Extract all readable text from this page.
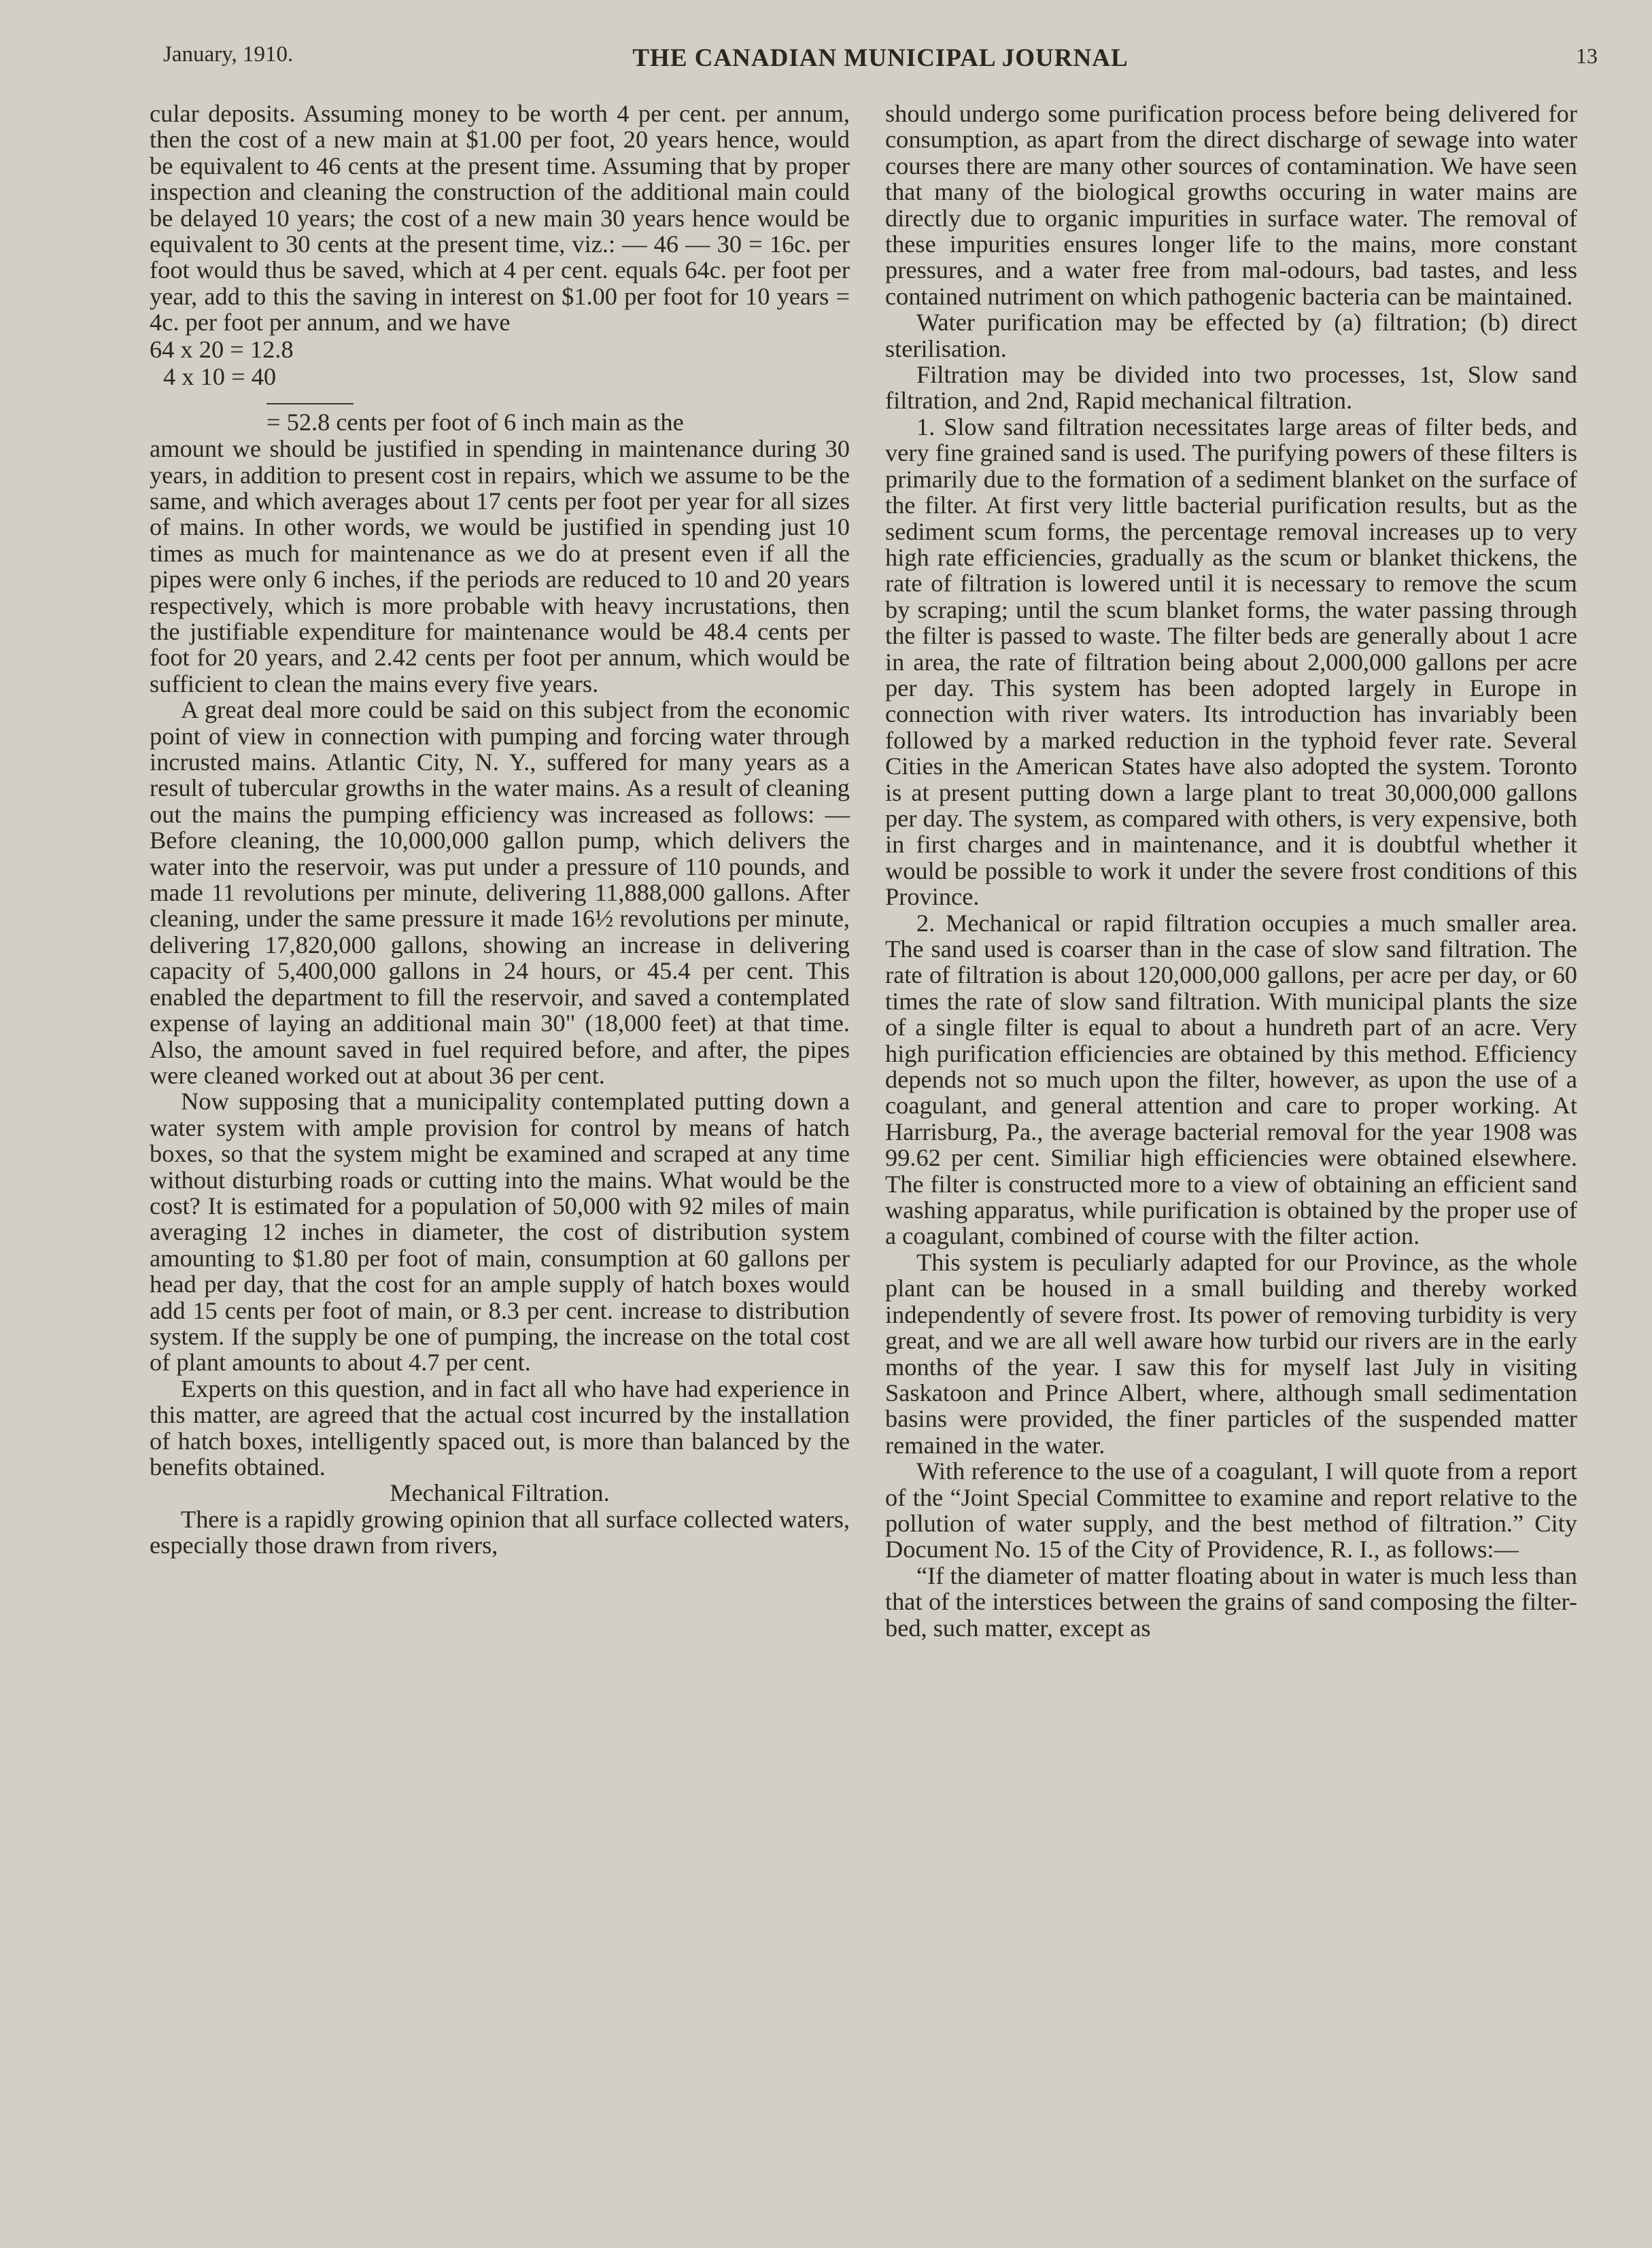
January, 1910.	THE CANADIAN MUNICIPAL JOURNAL	13

cular deposits. Assuming money to be worth 4 per cent. per annum, then the cost of a new main at $1.00 per foot, 20 years hence, would be equivalent to 46 cents at the present time. Assuming that by proper inspection and cleaning the construction of the additional main could be delayed 10 years; the cost of a new main 30 years hence would be equivalent to 30 cents at the present time, viz.: — 46 — 30 = 16c. per foot would thus be saved, which at 4 per cent. equals 64c. per foot per year, add to this the saving in interest on $1.00 per foot for 10 years = 4c. per foot per annum, and we have

64 x 20 = 12.8
4 x 10 = 40
= 52.8 cents per foot of 6 inch main as the

amount we should be justified in spending in maintenance during 30 years, in addition to present cost in repairs, which we assume to be the same, and which averages about 17 cents per foot per year for all sizes of mains. In other words, we would be justified in spending just 10 times as much for maintenance as we do at present even if all the pipes were only 6 inches, if the periods are reduced to 10 and 20 years respectively, which is more probable with heavy incrustations, then the justifiable expenditure for maintenance would be 48.4 cents per foot for 20 years, and 2.42 cents per foot per annum, which would be sufficient to clean the mains every five years.

A great deal more could be said on this subject from the economic point of view in connection with pumping and forcing water through incrusted mains. Atlantic City, N. Y., suffered for many years as a result of tubercular growths in the water mains. As a result of cleaning out the mains the pumping efficiency was increased as follows: — Before cleaning, the 10,000,000 gallon pump, which delivers the water into the reservoir, was put under a pressure of 110 pounds, and made 11 revolutions per minute, delivering 11,888,000 gallons. After cleaning, under the same pressure it made 16½ revolutions per minute, delivering 17,820,000 gallons, showing an increase in delivering capacity of 5,400,000 gallons in 24 hours, or 45.4 per cent. This enabled the department to fill the reservoir, and saved a contemplated expense of laying an additional main 30" (18,000 feet) at that time. Also, the amount saved in fuel required before, and after, the pipes were cleaned worked out at about 36 per cent.

Now supposing that a municipality contemplated putting down a water system with ample provision for control by means of hatch boxes, so that the system might be examined and scraped at any time without disturbing roads or cutting into the mains. What would be the cost? It is estimated for a population of 50,000 with 92 miles of main averaging 12 inches in diameter, the cost of distribution system amounting to $1.80 per foot of main, consumption at 60 gallons per head per day, that the cost for an ample supply of hatch boxes would add 15 cents per foot of main, or 8.3 per cent. increase to distribution system. If the supply be one of pumping, the increase on the total cost of plant amounts to about 4.7 per cent.

Experts on this question, and in fact all who have had experience in this matter, are agreed that the actual cost incurred by the installation of hatch boxes, intelligently spaced out, is more than balanced by the benefits obtained.

Mechanical Filtration.

There is a rapidly growing opinion that all surface collected waters, especially those drawn from rivers,

should undergo some purification process before being delivered for consumption, as apart from the direct discharge of sewage into water courses there are many other sources of contamination. We have seen that many of the biological growths occuring in water mains are directly due to organic impurities in surface water. The removal of these impurities ensures longer life to the mains, more constant pressures, and a water free from mal-odours, bad tastes, and less contained nutriment on which pathogenic bacteria can be maintained.

Water purification may be effected by (a) filtration; (b) direct sterilisation.

Filtration may be divided into two processes, 1st, Slow sand filtration, and 2nd, Rapid mechanical filtration.

1. Slow sand filtration necessitates large areas of filter beds, and very fine grained sand is used. The purifying powers of these filters is primarily due to the formation of a sediment blanket on the surface of the filter. At first very little bacterial purification results, but as the sediment scum forms, the percentage removal increases up to very high rate efficiencies, gradually as the scum or blanket thickens, the rate of filtration is lowered until it is necessary to remove the scum by scraping; until the scum blanket forms, the water passing through the filter is passed to waste. The filter beds are generally about 1 acre in area, the rate of filtration being about 2,000,000 gallons per acre per day. This system has been adopted largely in Europe in connection with river waters. Its introduction has invariably been followed by a marked reduction in the typhoid fever rate. Several Cities in the American States have also adopted the system. Toronto is at present putting down a large plant to treat 30,000,000 gallons per day. The system, as compared with others, is very expensive, both in first charges and in maintenance, and it is doubtful whether it would be possible to work it under the severe frost conditions of this Province.

2. Mechanical or rapid filtration occupies a much smaller area. The sand used is coarser than in the case of slow sand filtration. The rate of filtration is about 120,000,000 gallons, per acre per day, or 60 times the rate of slow sand filtration. With municipal plants the size of a single filter is equal to about a hundreth part of an acre. Very high purification efficiencies are obtained by this method. Efficiency depends not so much upon the filter, however, as upon the use of a coagulant, and general attention and care to proper working. At Harrisburg, Pa., the average bacterial removal for the year 1908 was 99.62 per cent. Similiar high efficiencies were obtained elsewhere. The filter is constructed more to a view of obtaining an efficient sand washing apparatus, while purification is obtained by the proper use of a coagulant, combined of course with the filter action.

This system is peculiarly adapted for our Province, as the whole plant can be housed in a small building and thereby worked independently of severe frost. Its power of removing turbidity is very great, and we are all well aware how turbid our rivers are in the early months of the year. I saw this for myself last July in visiting Saskatoon and Prince Albert, where, although small sedimentation basins were provided, the finer particles of the suspended matter remained in the water.

With reference to the use of a coagulant, I will quote from a report of the “Joint Special Committee to examine and report relative to the pollution of water supply, and the best method of filtration.” City Document No. 15 of the City of Providence, R. I., as follows:—

“If the diameter of matter floating about in water is much less than that of the interstices between the grains of sand composing the filter-bed, such matter, except as
